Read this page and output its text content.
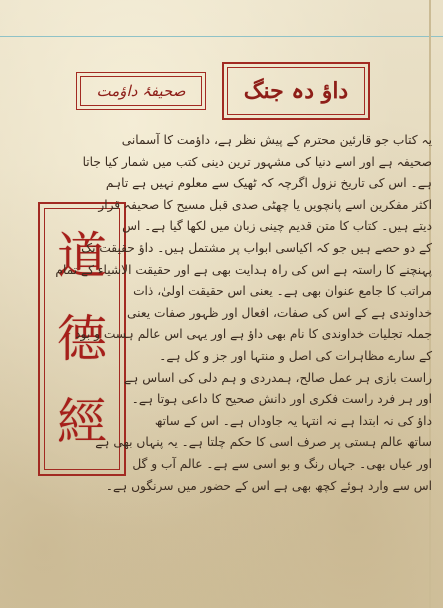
داؤ دہ جنگ
صحیفۂ داؤمت
道
德
經
یہ کتاب جو قارئین محترم کے پیش نظر ہے، داؤمت کا آسمانی
صحیفہ ہے اور اسے دنیا کی مشہور ترین دینی کتب میں شمار کیا جاتا
ہے۔ اس کی تاریخ نزول اگرچہ کہ ٹھیک سے معلوم نہیں ہے تاہم
اکثر مفکرین اسے پانچویں یا چھٹی صدی قبل مسیح کا صحیفہ قرار
دیتے ہیں۔ کتاب کا متن قدیم چینی زبان میں لکھا گیا ہے۔ اس
کے دو حصے ہیں جو کہ اکیاسی ابواب پر مشتمل ہیں۔ داؤ حقیقت تک
پہنچنے کا راستہ ہے اس کی راہ ہدایت بھی ہے اور حقیقت الاشیاء کے تمام
مراتب کا جامع عنوان بھی ہے۔ یعنی اس حقیقت اولیٰ، ذات
خداوندی ہے کے اس کی صفات، افعال اور ظہور صفات یعنی
جملہ تجلیات خداوندی کا نام بھی داؤ ہے اور یہی اس عالم ہست و بود
کے سارے مظاہرات کی اصل و منتہا اور جز و کل ہے۔
راست بازی ہر عمل صالح، ہمدردی و ہم دلی کی اساس ہے
اور ہر فرد راست فکری اور دانش صحیح کا داعی ہوتا ہے۔
داؤ کی نہ ابتدا ہے نہ انتہا یہ جاوداں ہے۔ اس کے ساتھ
ساتھ عالم ہستی پر صرف اسی کا حکم چلتا ہے۔ یہ پنہاں بھی ہے
اور عیاں بھی۔ جہاں رنگ و بو اسی سے ہے۔ عالم آب و گل
اس سے وارد ہوئے کچھ بھی ہے اس کے حضور میں سرنگوں ہے۔
